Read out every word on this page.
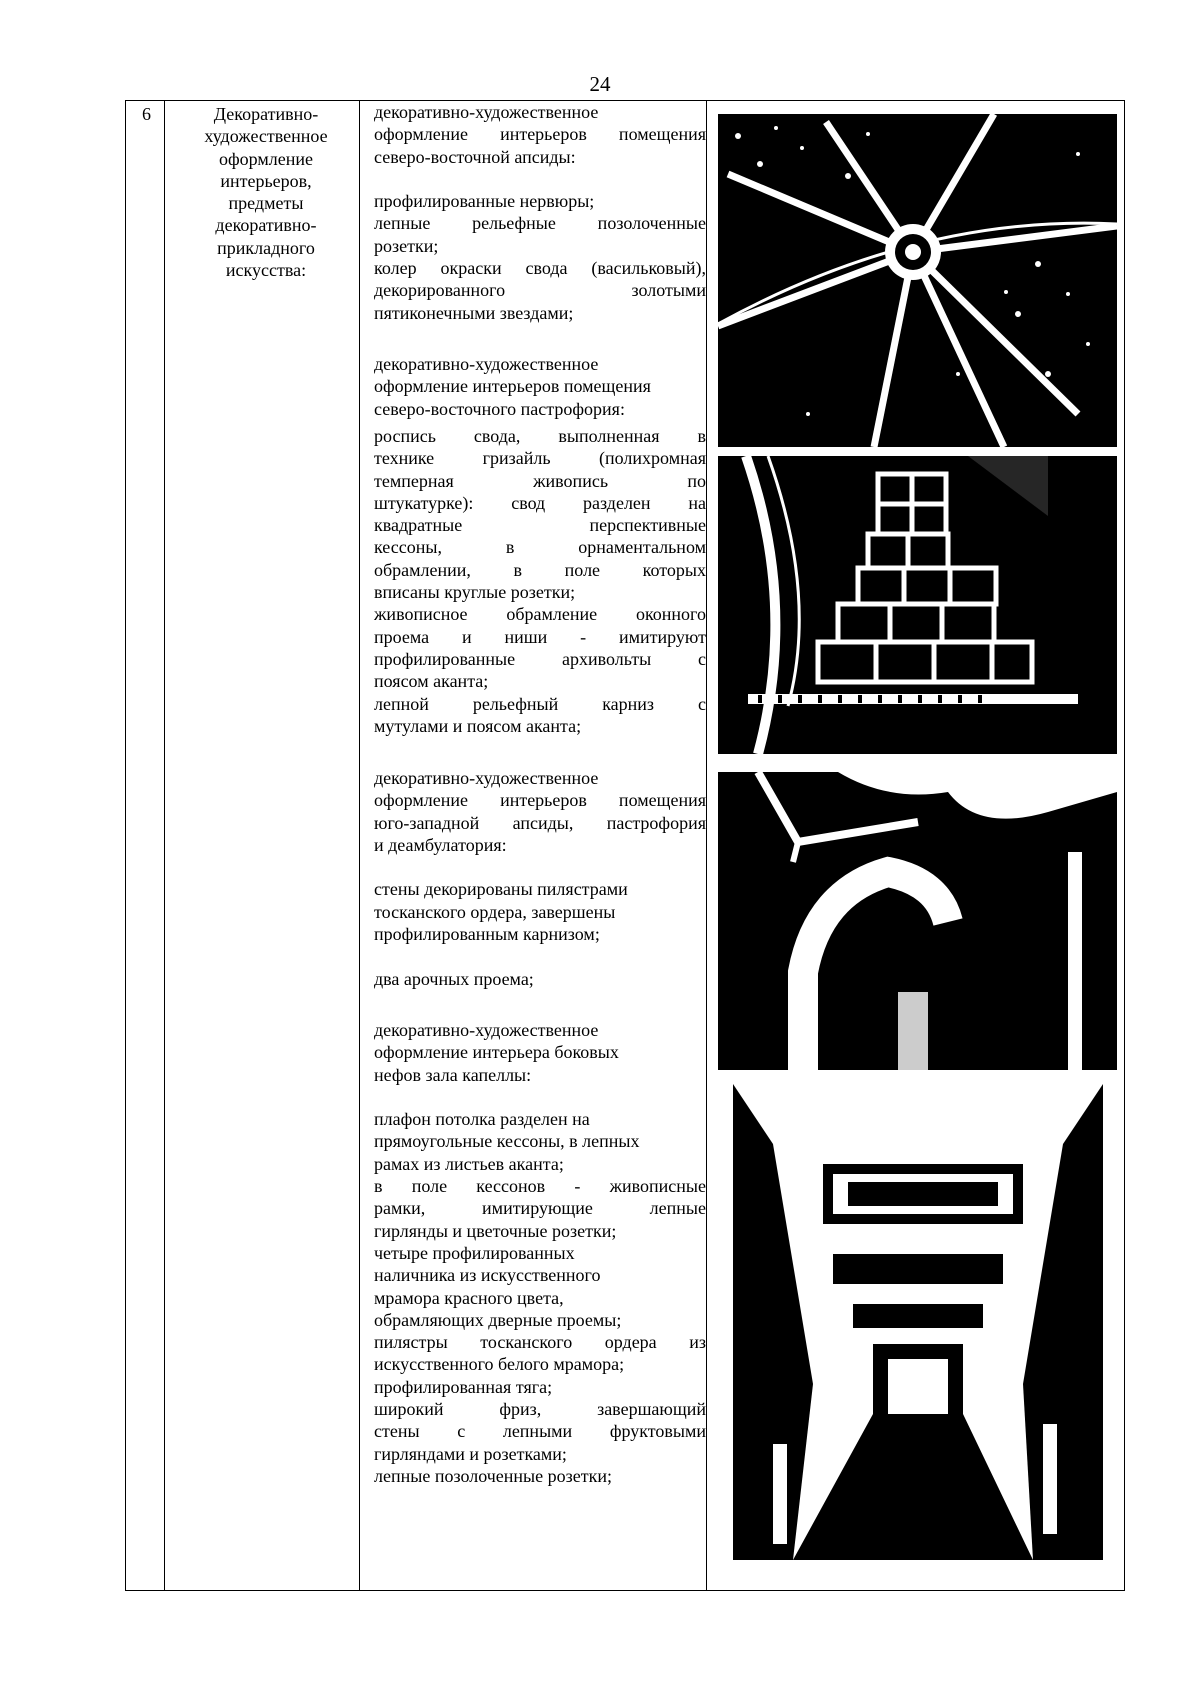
24
6	Декоративно-
художественное
оформление
интерьеров,
предметы
декоративно-
прикладного
искусства:
декоративно-художественное
оформление интерьеров помещения
северо-восточной апсиды:
профилированные нервюры;
лепные рельефные позолоченные
розетки;
колер окраски свода (васильковый),
декорированного золотыми
пятиконечными звездами;
декоративно-художественное
оформление интерьеров помещения
северо-восточного пастрофория:
роспись свода, выполненная в
технике гризайль (полихромная
темперная живопись по
штукатурке): свод разделен на
квадратные перспективные
кессоны, в орнаментальном
обрамлении, в поле которых
вписаны круглые розетки;
живописное обрамление оконного
проема и ниши - имитируют
профилированные архивольты с
поясом аканта;
лепной рельефный карниз с
мутулами и поясом аканта;
декоративно-художественное
оформление интерьеров помещения
юго-западной апсиды, пастрофория
и деамбулатория:
стены декорированы пилястрами
тосканского ордера, завершены
профилированным карнизом;
два арочных проема;
декоративно-художественное
оформление интерьера боковых
нефов зала капеллы:
плафон потолка разделен на
прямоугольные кессоны, в лепных
рамах из листьев аканта;
в поле кессонов - живописные
рамки, имитирующие лепные
гирлянды и цветочные розетки;
четыре профилированных
наличника из искусственного
мрамора красного цвета,
обрамляющих дверные проемы;
пилястры тосканского ордера из
искусственного белого мрамора;
профилированная тяга;
широкий фриз, завершающий
стены с лепными фруктовыми
гирляндами и розетками;
лепные позолоченные розетки;
